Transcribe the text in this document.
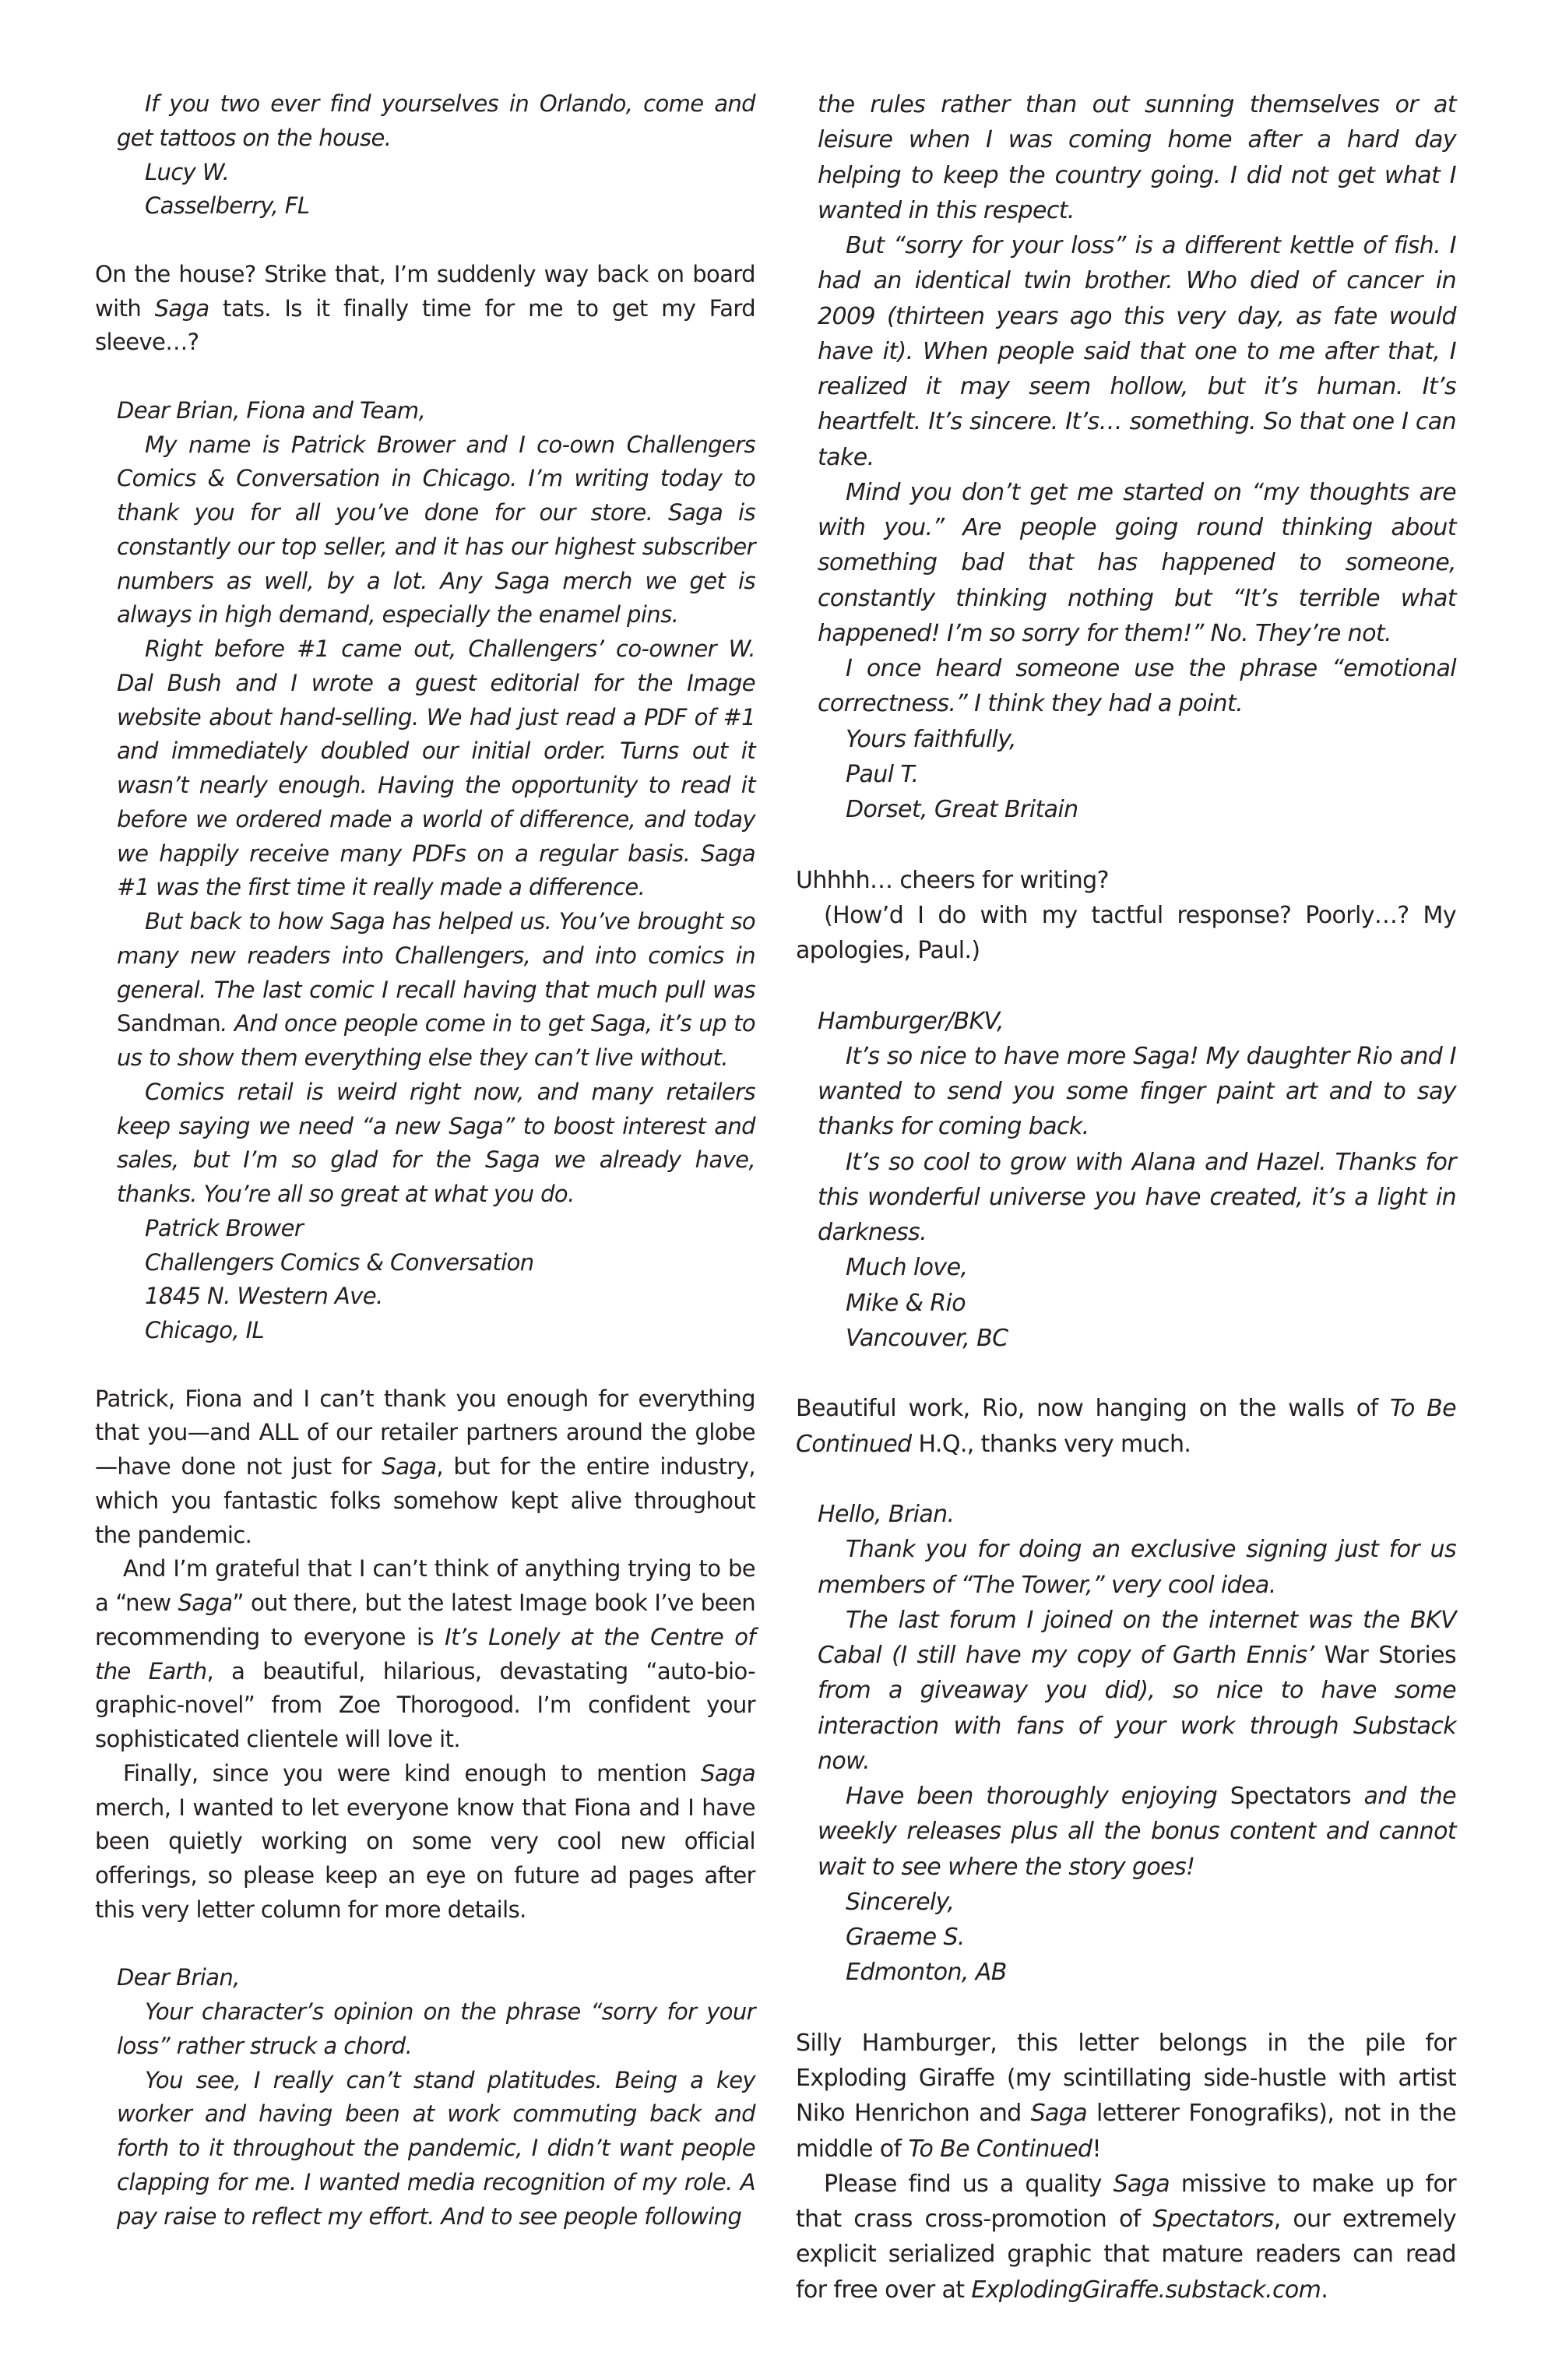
If you two ever find yourselves in Orlando, come and get tattoos on the house.

Lucy W.

Casselberry, FL

On the house? Strike that, I’m suddenly way back on board with Saga tats. Is it finally time for me to get my Fard sleeve…?

Dear Brian, Fiona and Team,

My name is Patrick Brower and I co-own Challengers Comics & Conversation in Chicago. I’m writing today to thank you for all you’ve done for our store. Saga is constantly our top seller, and it has our highest subscriber numbers as well, by a lot. Any Saga merch we get is always in high demand, especially the enamel pins.

Right before #1 came out, Challengers’ co-owner W. Dal Bush and I wrote a guest editorial for the Image website about hand-selling. We had just read a PDF of #1 and immediately doubled our initial order. Turns out it wasn’t nearly enough. Having the opportunity to read it before we ordered made a world of difference, and today we happily receive many PDFs on a regular basis. Saga #1 was the first time it really made a difference.

But back to how Saga has helped us. You’ve brought so many new readers into Challengers, and into comics in general. The last comic I recall having that much pull was Sandman. And once people come in to get Saga, it’s up to us to show them everything else they can’t live without.

Comics retail is weird right now, and many retailers keep saying we need “a new Saga” to boost interest and sales, but I’m so glad for the Saga we already have, thanks. You’re all so great at what you do.

Patrick Brower

Challengers Comics & Conversation

1845 N. Western Ave.

Chicago, IL

Patrick, Fiona and I can’t thank you enough for everything that you—and ALL of our retailer partners around the globe—have done not just for Saga, but for the entire industry, which you fantastic folks somehow kept alive throughout the pandemic.

And I’m grateful that I can’t think of anything trying to be a “new Saga” out there, but the latest Image book I’ve been recommending to everyone is It’s Lonely at the Centre of the Earth, a beautiful, hilarious, devastating “auto-bio-graphic-novel” from Zoe Thorogood. I’m confident your sophisticated clientele will love it.

Finally, since you were kind enough to mention Saga merch, I wanted to let everyone know that Fiona and I have been quietly working on some very cool new official offerings, so please keep an eye on future ad pages after this very letter column for more details.

Dear Brian,

Your character’s opinion on the phrase “sorry for your loss” rather struck a chord.

You see, I really can’t stand platitudes. Being a key worker and having been at work commuting back and forth to it throughout the pandemic, I didn’t want people clapping for me. I wanted media recognition of my role. A pay raise to reflect my effort. And to see people following

the rules rather than out sunning themselves or at leisure when I was coming home after a hard day helping to keep the country going. I did not get what I wanted in this respect.

But “sorry for your loss” is a different kettle of fish. I had an identical twin brother. Who died of cancer in 2009 (thirteen years ago this very day, as fate would have it). When people said that one to me after that, I realized it may seem hollow, but it’s human. It’s heartfelt. It’s sincere. It’s… something. So that one I can take.

Mind you don’t get me started on “my thoughts are with you.” Are people going round thinking about something bad that has happened to someone, constantly thinking nothing but “It’s terrible what happened! I’m so sorry for them!” No. They’re not.

I once heard someone use the phrase “emotional correctness.” I think they had a point.

Yours faithfully,

Paul T.

Dorset, Great Britain

Uhhhh… cheers for writing?

(How’d I do with my tactful response? Poorly…? My apologies, Paul.)

Hamburger/BKV,

It’s so nice to have more Saga! My daughter Rio and I wanted to send you some finger paint art and to say thanks for coming back.

It’s so cool to grow with Alana and Hazel. Thanks for this wonderful universe you have created, it’s a light in darkness.

Much love,

Mike & Rio

Vancouver, BC

Beautiful work, Rio, now hanging on the walls of To Be Continued H.Q., thanks very much.

Hello, Brian.

Thank you for doing an exclusive signing just for us members of “The Tower,” very cool idea.

The last forum I joined on the internet was the BKV Cabal (I still have my copy of Garth Ennis’ War Stories from a giveaway you did), so nice to have some interaction with fans of your work through Substack now.

Have been thoroughly enjoying Spectators and the weekly releases plus all the bonus content and cannot wait to see where the story goes!

Sincerely,

Graeme S.

Edmonton, AB

Silly Hamburger, this letter belongs in the pile for Exploding Giraffe (my scintillating side-hustle with artist Niko Henrichon and Saga letterer Fonografiks), not in the middle of To Be Continued!

Please find us a quality Saga missive to make up for that crass cross-promotion of Spectators, our extremely explicit serialized graphic that mature readers can read for free over at ExplodingGiraffe.substack.com.
